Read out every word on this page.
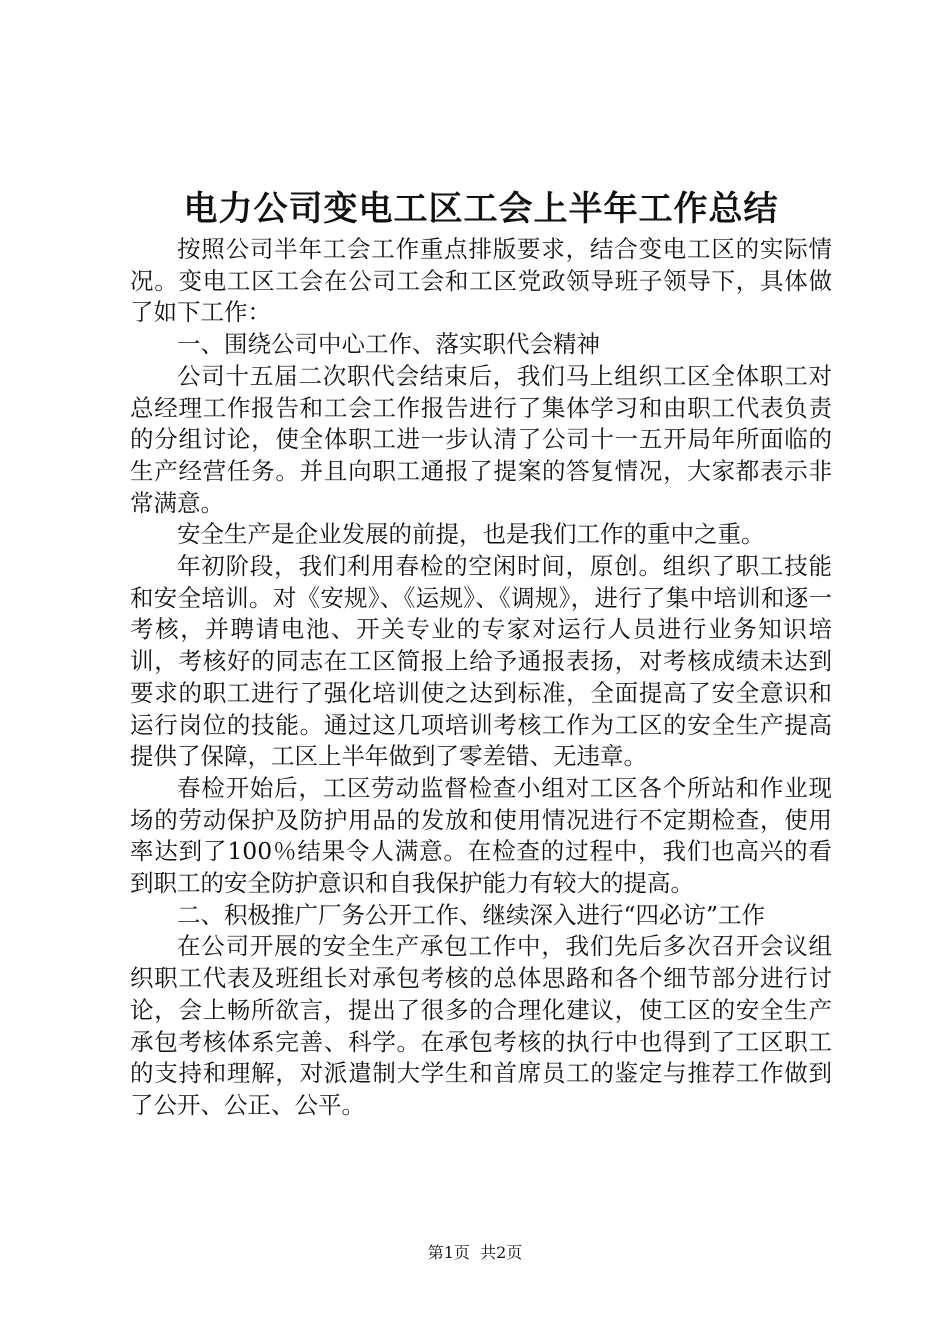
电力公司变电工区工会上半年工作总结

按照公司半年工会工作重点排版要求，结合变电工区的实际情况。变电工区工会在公司工会和工区党政领导班子领导下，具体做了如下工作：

一、围绕公司中心工作、落实职代会精神

公司十五届二次职代会结束后，我们马上组织工区全体职工对总经理工作报告和工会工作报告进行了集体学习和由职工代表负责的分组讨论，使全体职工进一步认清了公司十一五开局年所面临的生产经营任务。并且向职工通报了提案的答复情况，大家都表示非常满意。

安全生产是企业发展的前提，也是我们工作的重中之重。

年初阶段，我们利用春检的空闲时间，原创。组织了职工技能和安全培训。对《安规》、《运规》、《调规》，进行了集中培训和逐一考核，并聘请电池、开关专业的专家对运行人员进行业务知识培训，考核好的同志在工区简报上给予通报表扬，对考核成绩未达到要求的职工进行了强化培训使之达到标准，全面提高了安全意识和运行岗位的技能。通过这几项培训考核工作为工区的安全生产提高提供了保障，工区上半年做到了零差错、无违章。

春检开始后，工区劳动监督检查小组对工区各个所站和作业现场的劳动保护及防护用品的发放和使用情况进行不定期检查，使用率达到了100％结果令人满意。在检查的过程中，我们也高兴的看到职工的安全防护意识和自我保护能力有较大的提高。

二、积极推广厂务公开工作、继续深入进行“四必访”工作

在公司开展的安全生产承包工作中，我们先后多次召开会议组织职工代表及班组长对承包考核的总体思路和各个细节部分进行讨论，会上畅所欲言，提出了很多的合理化建议，使工区的安全生产承包考核体系完善、科学。在承包考核的执行中也得到了工区职工的支持和理解，对派遣制大学生和首席员工的鉴定与推荐工作做到了公开、公正、公平。

第1页  共2页
